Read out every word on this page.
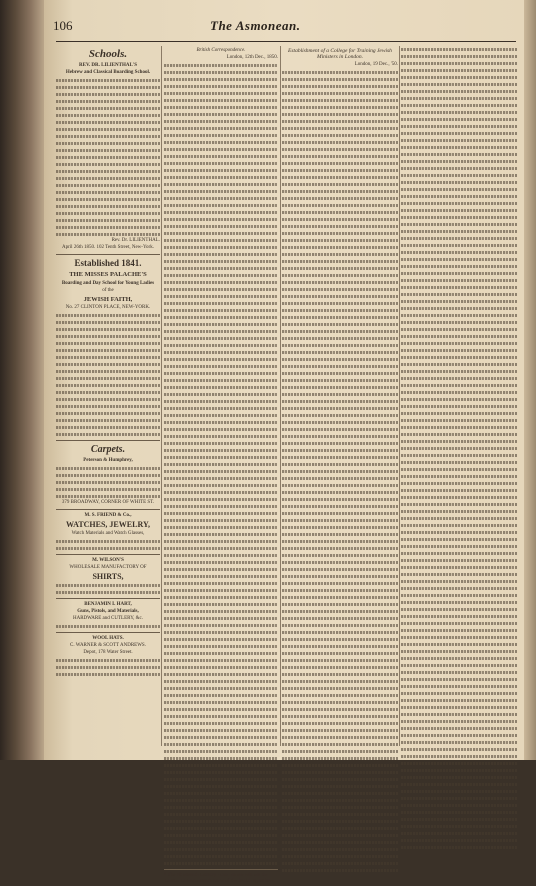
106	The Asmonean.
Schools.
REV. DR. LILIENTHAL'S
Hebrew and Classical Boarding School.
Rev. Dr. LILIENTHAL.
April 26th 1850. 102 Tenth Street, New-York.
Established 1841.
THE MISSES PALACHE'S
Boarding and Day School for Young Ladies
of the
JEWISH FAITH,
No. 27 CLINTON PLACE, NEW-YORK.
Carpets.
Peterson & Humphrey,
379 BROADWAY, CORNER OF WHITE ST.
M. S. FRIEND & Co.,
WATCHES, JEWELRY,
Watch Materials and Watch Glasses,
M. WILSON'S
WHOLESALE MANUFACTORY OF
SHIRTS,
BENJAMIN I. HART,
Guns, Pistols, and Materials,
HARDWARE and CUTLERY, &c.
WOOL HATS.
C. WARNER & SCOTT ANDREWS.
Depot, 178 Water Street.
British Correspondence.
London, 12th Dec., 1850.
* The Nineteenth Century · Our readers will see the London correspondent's name of the Jewish agent here.
Establishment of a College for Training Jewish Ministers in London.
London, 19 Dec., '50.
